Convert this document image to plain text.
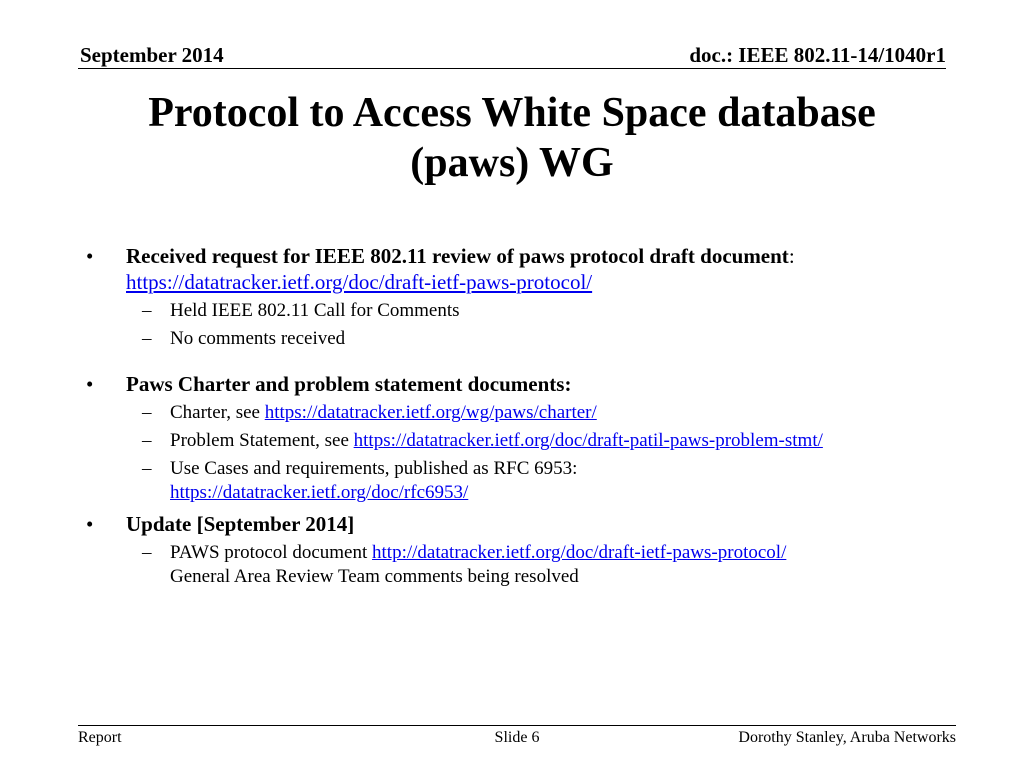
September 2014	doc.: IEEE 802.11-14/1040r1
Protocol to Access White Space database
(paws) WG
• Received request for IEEE 802.11 review of paws protocol draft document:
https://datatracker.ietf.org/doc/draft-ietf-paws-protocol/
– Held IEEE 802.11 Call for Comments
– No comments received
• Paws Charter and problem statement documents:
– Charter, see https://datatracker.ietf.org/wg/paws/charter/
– Problem Statement, see https://datatracker.ietf.org/doc/draft-patil-paws-problem-stmt/
– Use Cases and requirements, published as RFC 6953:
https://datatracker.ietf.org/doc/rfc6953/
• Update [September 2014]
– PAWS protocol document http://datatracker.ietf.org/doc/draft-ietf-paws-protocol/
General Area Review Team comments being resolved
Report	Slide 6	Dorothy Stanley, Aruba Networks
